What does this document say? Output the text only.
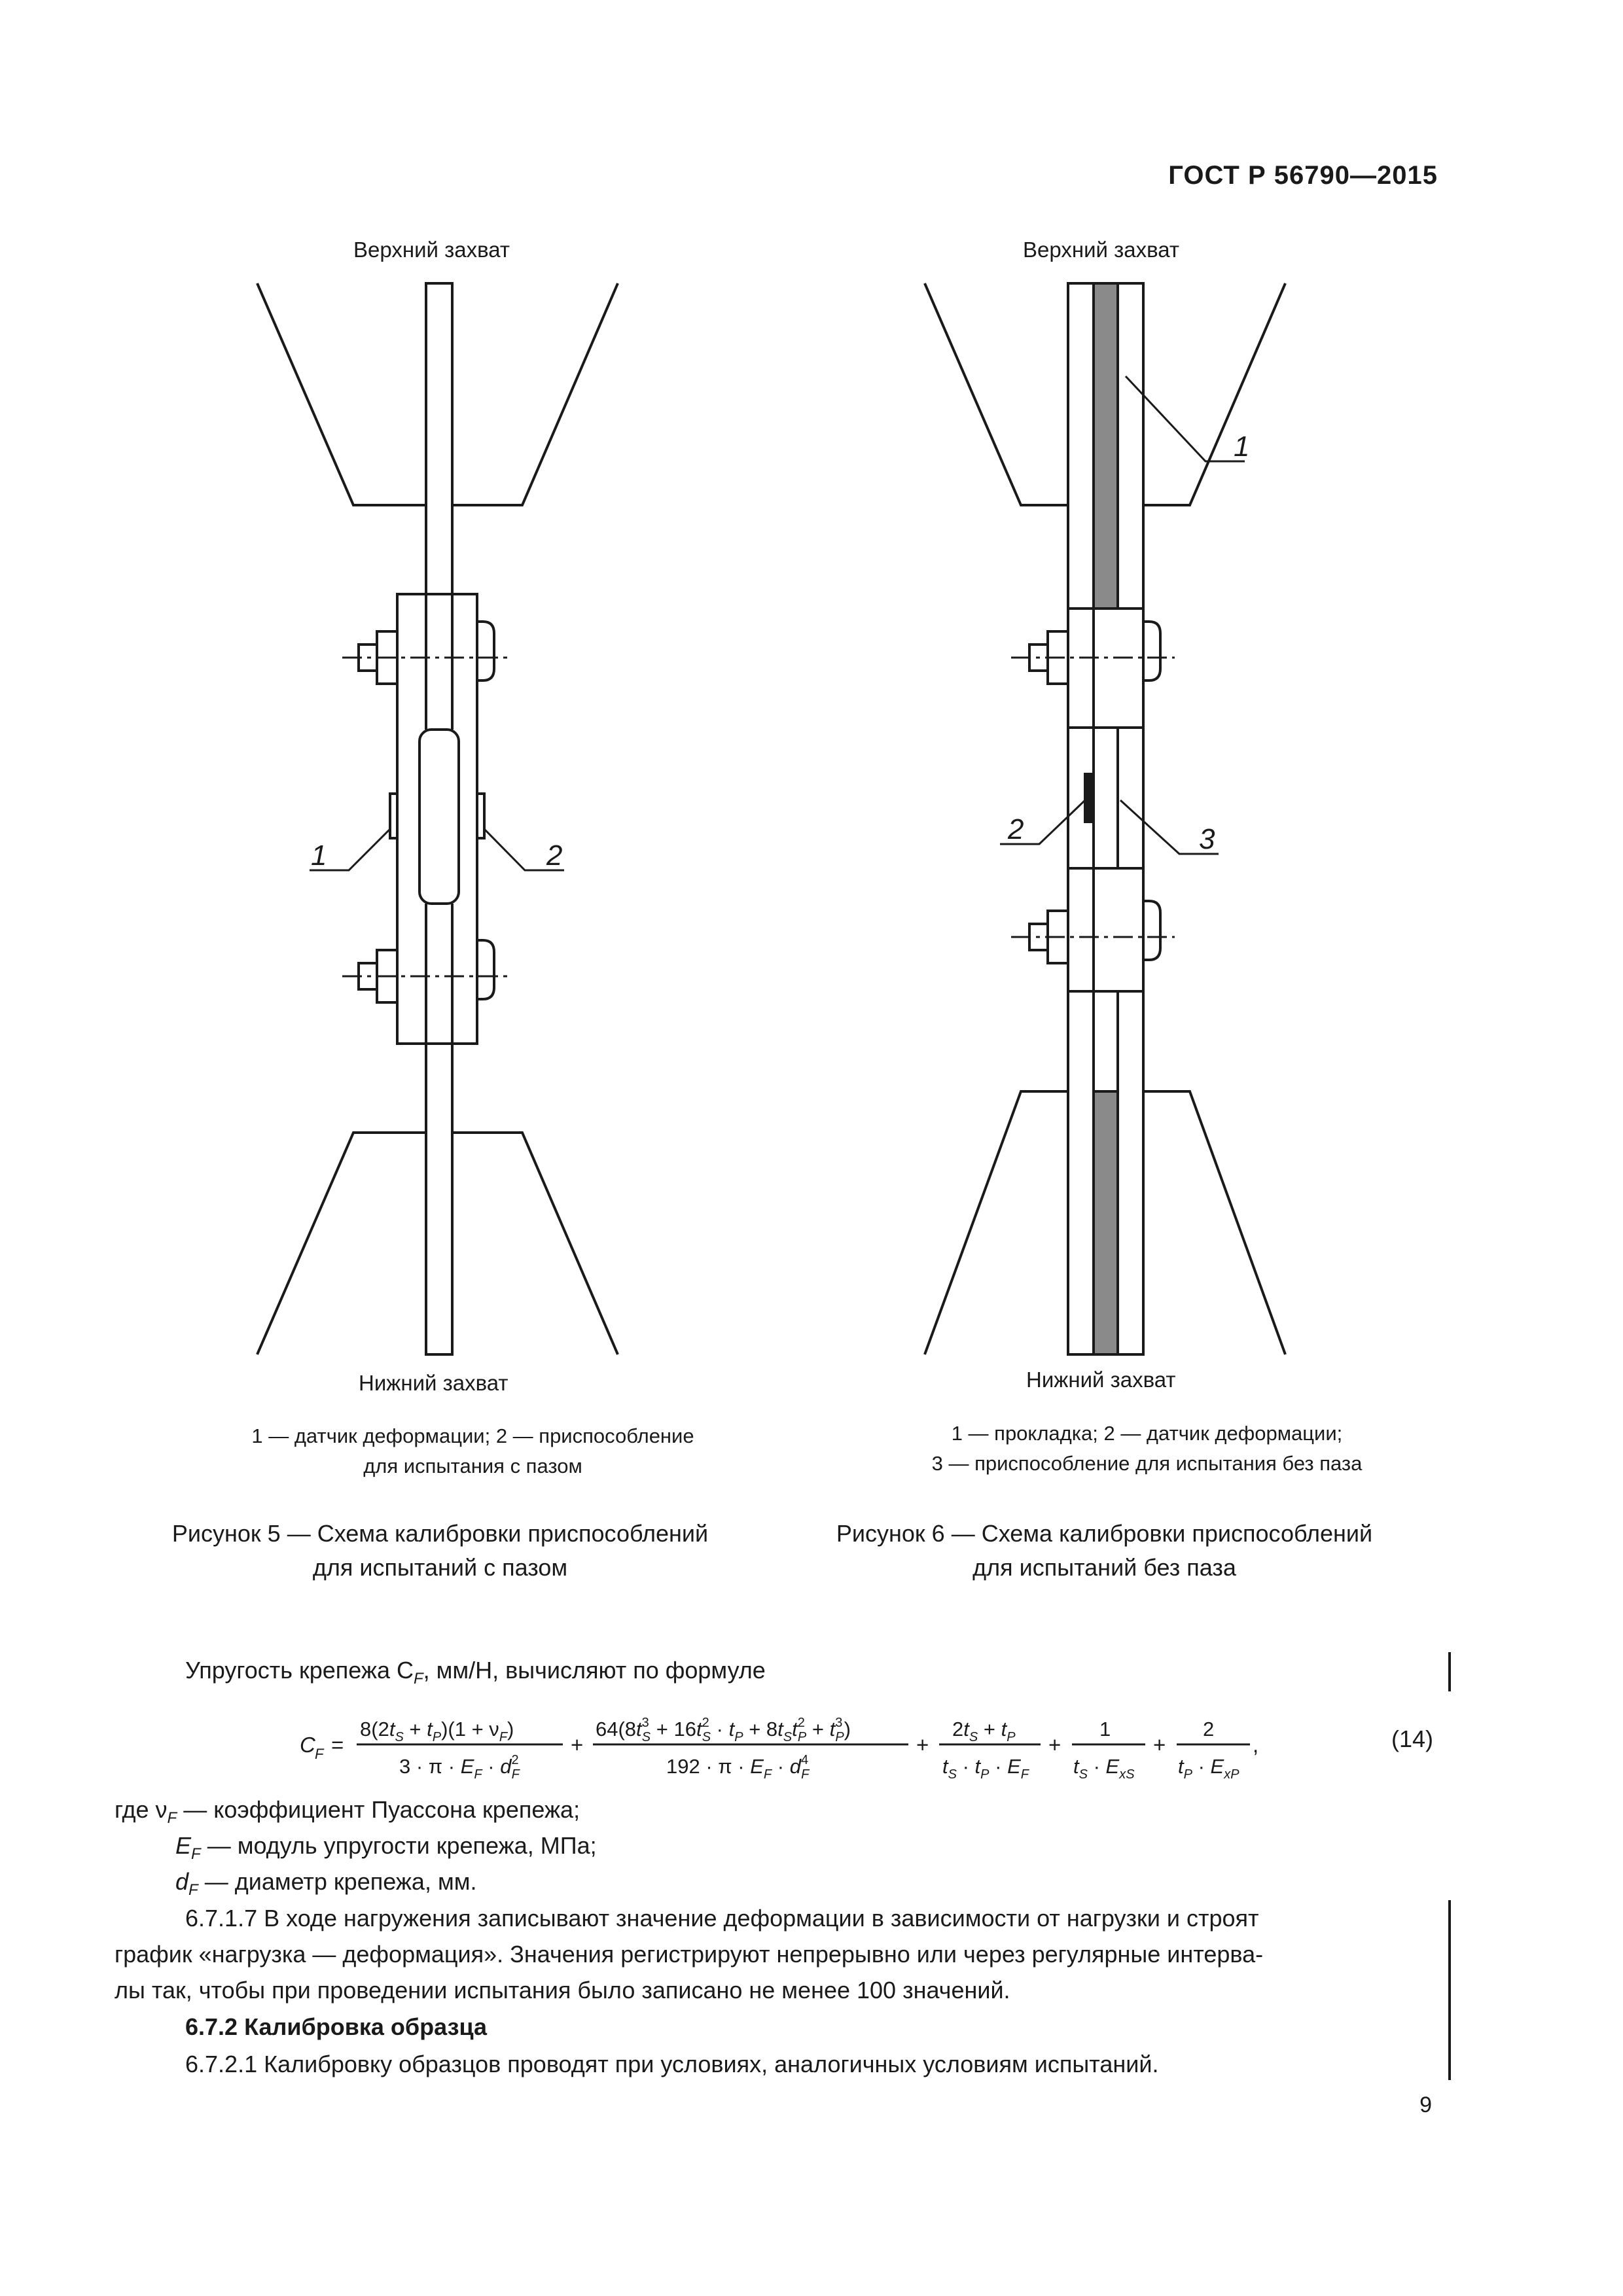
ГОСТ Р 56790—2015
Верхний захват
Нижний захват
Верхний захват
Нижний захват
1	2
1
2	3
1 — датчик деформации; 2 — приспособление
для испытания с пазом
Рисунок 5 — Схема калибровки приспособлений
для испытаний с пазом
1 — прокладка; 2 — датчик деформации;
3 — приспособление для испытания без паза
Рисунок 6 — Схема калибровки приспособлений
для испытаний без паза
Упругость крепежа $C_F$, мм/Н, вычисляют по формуле
C F =
$8(2t_S + t_P)(1 + \nu_F)$
$3 \cdot \pi \cdot E_F \cdot d^2$ F
+
$64(8t^3$ $S + 16t^2$ $S \cdot t_P + 8t_St^2$ $P + t^3$ P)
$192 \cdot \pi \cdot E_F \cdot d^4$ F
+
$2t_S + t_P$
$t_S \cdot t_P \cdot E_F$
+
1
$t_S \cdot E_{xS}$
+
2
$t_P \cdot E_{xP}$
,	(14)
где $\nu_F$ — коэффициент Пуассона крепежа;
$E_F$ — модуль упругости крепежа, МПа;
$d_F$ — диаметр крепежа, мм.
6.7.1.7 В ходе нагружения записывают значение деформации в зависимости от нагрузки и строят
график «нагрузка — деформация». Значения регистрируют непрерывно или через регулярные интерва-
лы так, чтобы при проведении испытания было записано не менее 100 значений.
6.7.2 Калибровка образца
6.7.2.1 Калибровку образцов проводят при условиях, аналогичных условиям испытаний.
9
